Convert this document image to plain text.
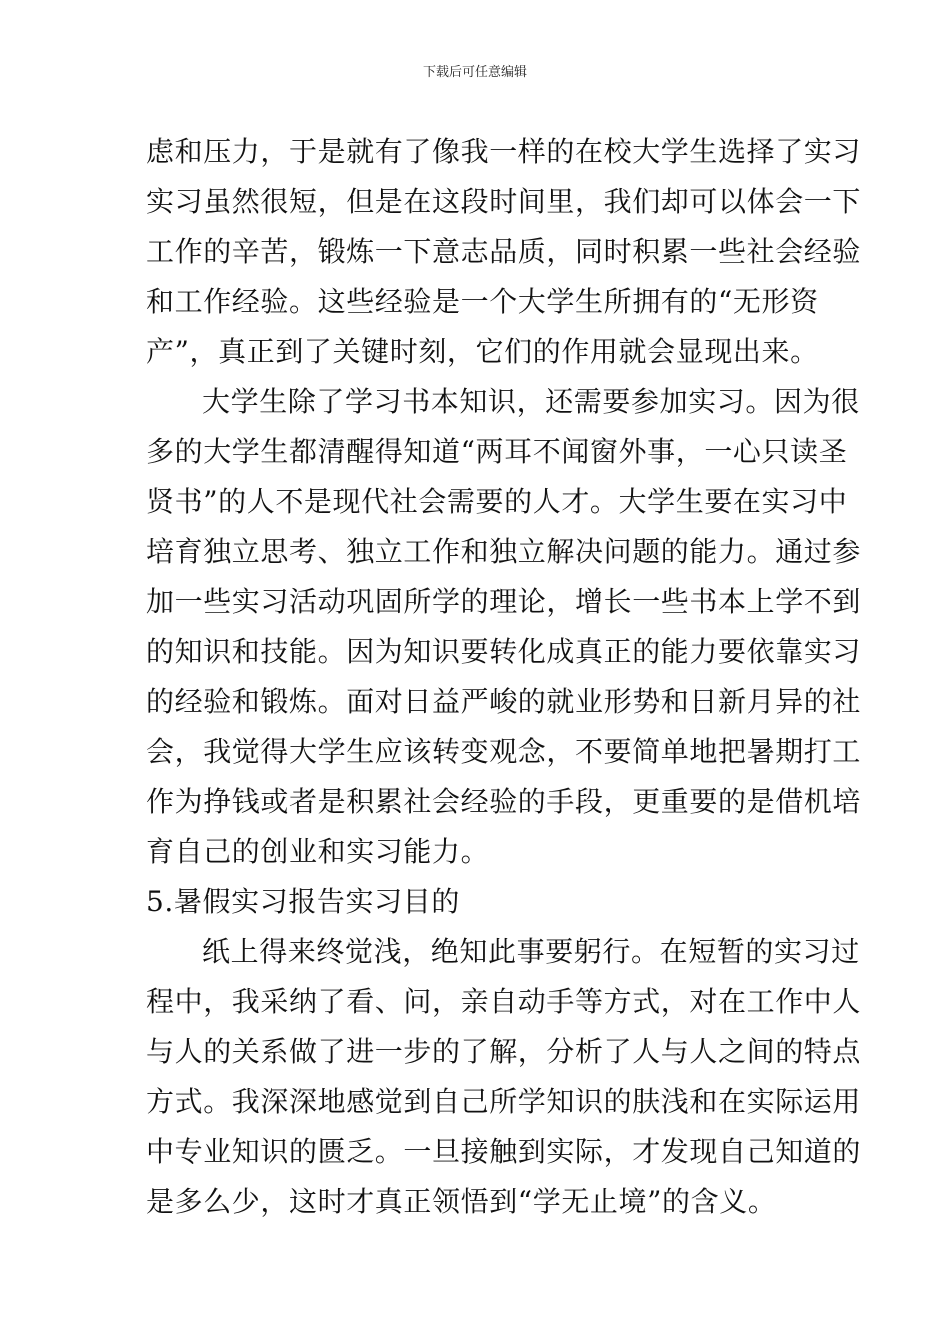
下载后可任意编辑
虑和压力，于是就有了像我一样的在校大学生选择了实习
实习虽然很短，但是在这段时间里，我们却可以体会一下
工作的辛苦，锻炼一下意志品质，同时积累一些社会经验
和工作经验。这些经验是一个大学生所拥有的“无形资
产”，真正到了关键时刻，它们的作用就会显现出来。
大学生除了学习书本知识，还需要参加实习。因为很
多的大学生都清醒得知道“两耳不闻窗外事，一心只读圣
贤书”的人不是现代社会需要的人才。大学生要在实习中
培育独立思考、独立工作和独立解决问题的能力。通过参
加一些实习活动巩固所学的理论，增长一些书本上学不到
的知识和技能。因为知识要转化成真正的能力要依靠实习
的经验和锻炼。面对日益严峻的就业形势和日新月异的社
会，我觉得大学生应该转变观念，不要简单地把暑期打工
作为挣钱或者是积累社会经验的手段，更重要的是借机培
育自己的创业和实习能力。
5.暑假实习报告实习目的
纸上得来终觉浅，绝知此事要躬行。在短暂的实习过
程中，我采纳了看、问，亲自动手等方式，对在工作中人
与人的关系做了进一步的了解，分析了人与人之间的特点
方式。我深深地感觉到自己所学知识的肤浅和在实际运用
中专业知识的匮乏。一旦接触到实际，才发现自己知道的
是多么少，这时才真正领悟到“学无止境”的含义。
